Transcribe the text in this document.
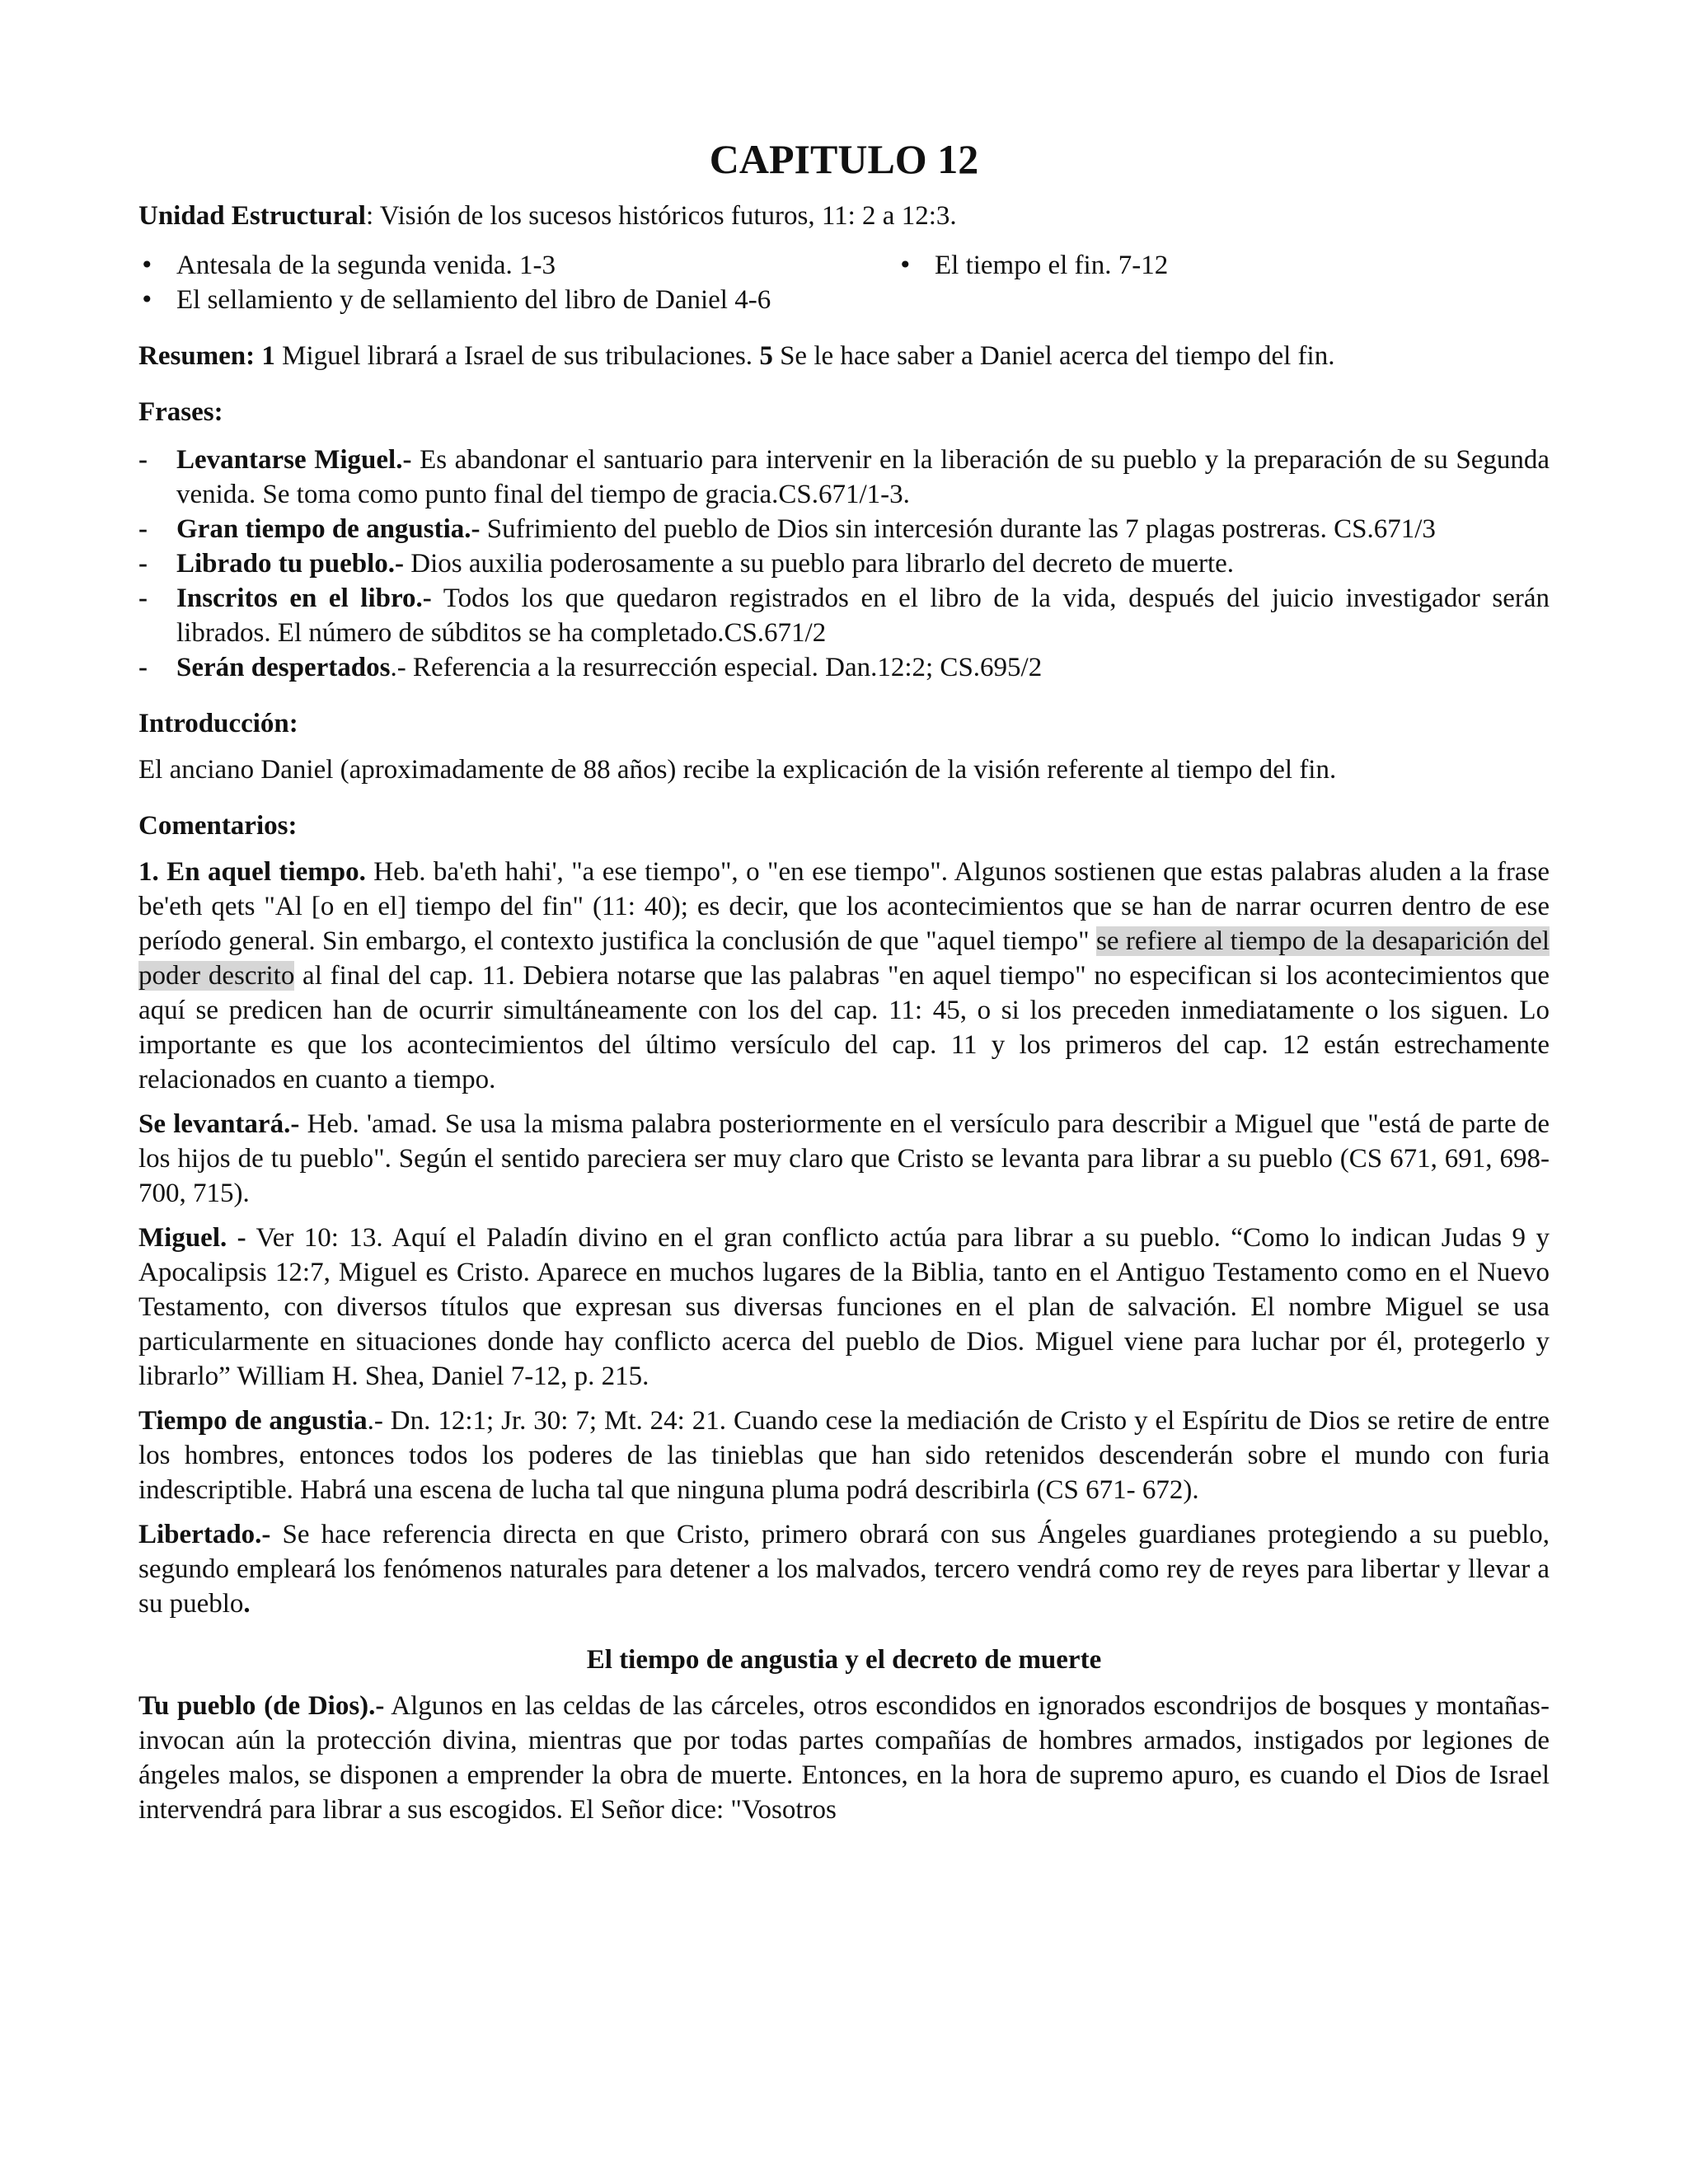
CAPITULO 12

Unidad Estructural: Visión de los sucesos históricos futuros, 11: 2 a 12:3.

• Antesala de la segunda venida. 1-3
• El sellamiento y de sellamiento del libro de Daniel 4-6
• El tiempo el fin. 7-12

Resumen: 1 Miguel librará a Israel de sus tribulaciones. 5 Se le hace saber a Daniel acerca del tiempo del fin.

Frases:

- Levantarse Miguel.- Es abandonar el santuario para intervenir en la liberación de su pueblo y la preparación de su Segunda venida. Se toma como punto final del tiempo de gracia.CS.671/1-3.
- Gran tiempo de angustia.- Sufrimiento del pueblo de Dios sin intercesión durante las 7 plagas postreras. CS.671/3
- Librado tu pueblo.- Dios auxilia poderosamente a su pueblo para librarlo del decreto de muerte.
- Inscritos en el libro.- Todos los que quedaron registrados en el libro de la vida, después del juicio investigador serán librados. El número de súbditos se ha completado.CS.671/2
- Serán despertados.- Referencia a la resurrección especial. Dan.12:2; CS.695/2

Introducción:

El anciano Daniel (aproximadamente de 88 años) recibe la explicación de la visión referente al tiempo del fin.

Comentarios:

1. En aquel tiempo. Heb. ba'eth hahi', "a ese tiempo", o "en ese tiempo". Algunos sostienen que estas palabras aluden a la frase be'eth qets "Al [o en el] tiempo del fin" (11: 40); es decir, que los acontecimientos que se han de narrar ocurren dentro de ese período general. Sin embargo, el contexto justifica la conclusión de que "aquel tiempo" se refiere al tiempo de la desaparición del poder descrito al final del cap. 11. Debiera notarse que las palabras "en aquel tiempo" no especifican si los acontecimientos que aquí se predicen han de ocurrir simultáneamente con los del cap. 11: 45, o si los preceden inmediatamente o los siguen. Lo importante es que los acontecimientos del último versículo del cap. 11 y los primeros del cap. 12 están estrechamente relacionados en cuanto a tiempo.

Se levantará.- Heb. 'amad. Se usa la misma palabra posteriormente en el versículo para describir a Miguel que "está de parte de los hijos de tu pueblo". Según el sentido pareciera ser muy claro que Cristo se levanta para librar a su pueblo (CS 671, 691, 698-700, 715).

Miguel. - Ver 10: 13. Aquí el Paladín divino en el gran conflicto actúa para librar a su pueblo. “Como lo indican Judas 9 y Apocalipsis 12:7, Miguel es Cristo. Aparece en muchos lugares de la Biblia, tanto en el Antiguo Testamento como en el Nuevo Testamento, con diversos títulos que expresan sus diversas funciones en el plan de salvación. El nombre Miguel se usa particularmente en situaciones donde hay conflicto acerca del pueblo de Dios. Miguel viene para luchar por él, protegerlo y librarlo” William H. Shea, Daniel 7-12, p. 215.

Tiempo de angustia.- Dn. 12:1; Jr. 30: 7; Mt. 24: 21. Cuando cese la mediación de Cristo y el Espíritu de Dios se retire de entre los hombres, entonces todos los poderes de las tinieblas que han sido retenidos descenderán sobre el mundo con furia indescriptible. Habrá una escena de lucha tal que ninguna pluma podrá describirla (CS 671- 672).

Libertado.- Se hace referencia directa en que Cristo, primero obrará con sus Ángeles guardianes protegiendo a su pueblo, segundo empleará los fenómenos naturales para detener a los malvados, tercero vendrá como rey de reyes para libertar y llevar a su pueblo.

El tiempo de angustia y el decreto de muerte

Tu pueblo (de Dios).- Algunos en las celdas de las cárceles, otros escondidos en ignorados escondrijos de bosques y montañas- invocan aún la protección divina, mientras que por todas partes compañías de hombres armados, instigados por legiones de ángeles malos, se disponen a emprender la obra de muerte. Entonces, en la hora de supremo apuro, es cuando el Dios de Israel intervendrá para librar a sus escogidos. El Señor dice: "Vosotros
